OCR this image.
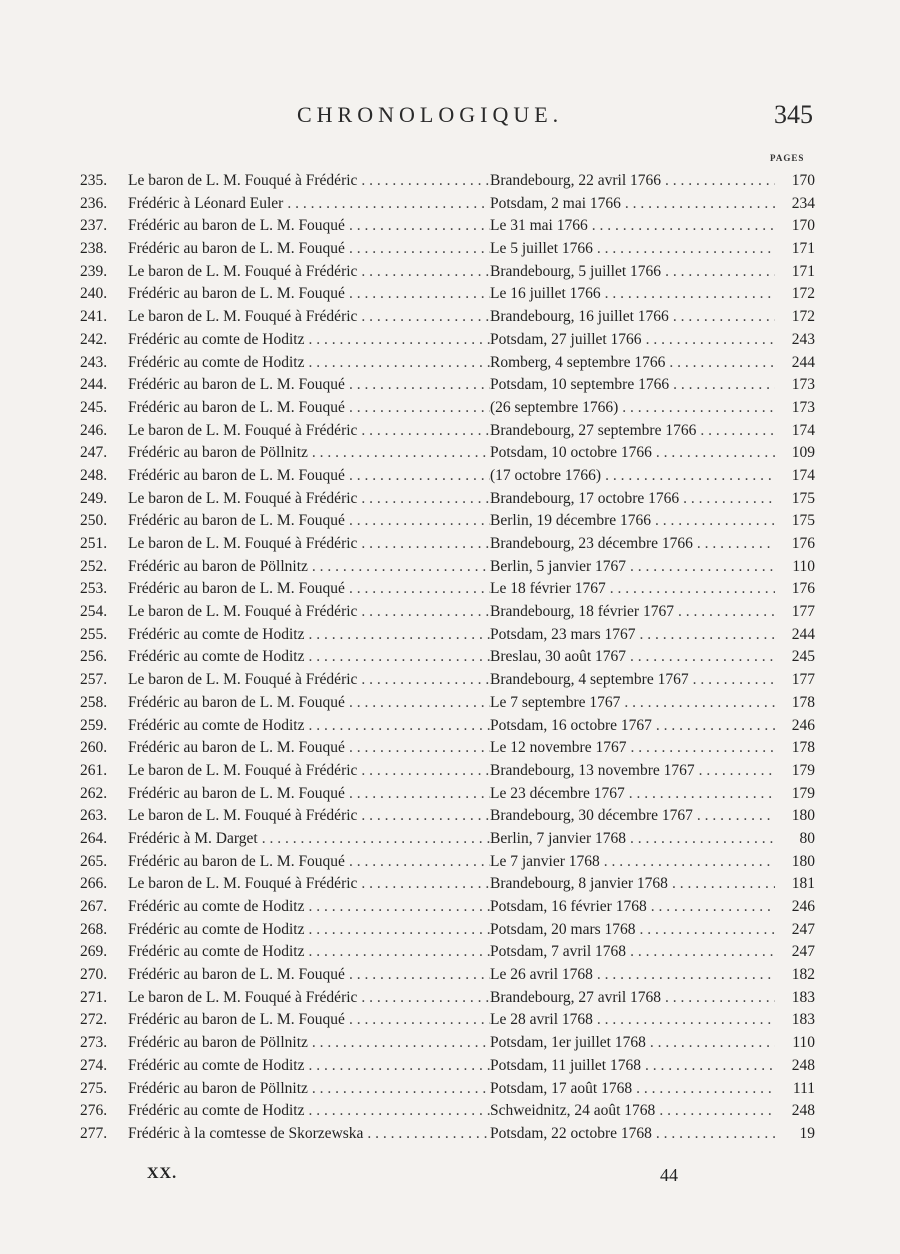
CHRONOLOGIQUE.	345
PAGES
235.	Le baron de L. M. Fouqué à Frédéric . . .	Brandebourg, 22 avril 1766 . . .	170
236.	Frédéric à Léonard Euler . . .	Potsdam, 2 mai 1766 . . .	234
237.	Frédéric au baron de L. M. Fouqué . . .	Le 31 mai 1766 . . .	170
238.	Frédéric au baron de L. M. Fouqué . . .	Le 5 juillet 1766 . . .	171
239.	Le baron de L. M. Fouqué à Frédéric . . .	Brandebourg, 5 juillet 1766 . . .	171
240.	Frédéric au baron de L. M. Fouqué . . .	Le 16 juillet 1766 . . .	172
241.	Le baron de L. M. Fouqué à Frédéric . . .	Brandebourg, 16 juillet 1766 . . .	172
242.	Frédéric au comte de Hoditz . . .	Potsdam, 27 juillet 1766 . . .	243
243.	Frédéric au comte de Hoditz . . .	Romberg, 4 septembre 1766 . . .	244
244.	Frédéric au baron de L. M. Fouqué . . .	Potsdam, 10 septembre 1766 . . .	173
245.	Frédéric au baron de L. M. Fouqué . . .	(26 septembre 1766) . . .	173
246.	Le baron de L. M. Fouqué à Frédéric . . .	Brandebourg, 27 septembre 1766 . . .	174
247.	Frédéric au baron de Pöllnitz . . .	Potsdam, 10 octobre 1766 . . .	109
248.	Frédéric au baron de L. M. Fouqué . . .	(17 octobre 1766) . . .	174
249.	Le baron de L. M. Fouqué à Frédéric . . .	Brandebourg, 17 octobre 1766 . . .	175
250.	Frédéric au baron de L. M. Fouqué . . .	Berlin, 19 décembre 1766 . . .	175
251.	Le baron de L. M. Fouqué à Frédéric . . .	Brandebourg, 23 décembre 1766 . . .	176
252.	Frédéric au baron de Pöllnitz . . .	Berlin, 5 janvier 1767 . . .	110
253.	Frédéric au baron de L. M. Fouqué . . .	Le 18 février 1767 . . .	176
254.	Le baron de L. M. Fouqué à Frédéric . . .	Brandebourg, 18 février 1767 . . .	177
255.	Frédéric au comte de Hoditz . . .	Potsdam, 23 mars 1767 . . .	244
256.	Frédéric au comte de Hoditz . . .	Breslau, 30 août 1767 . . .	245
257.	Le baron de L. M. Fouqué à Frédéric . . .	Brandebourg, 4 septembre 1767 . . .	177
258.	Frédéric au baron de L. M. Fouqué . . .	Le 7 septembre 1767 . . .	178
259.	Frédéric au comte de Hoditz . . .	Potsdam, 16 octobre 1767 . . .	246
260.	Frédéric au baron de L. M. Fouqué . . .	Le 12 novembre 1767 . . .	178
261.	Le baron de L. M. Fouqué à Frédéric . . .	Brandebourg, 13 novembre 1767 . . .	179
262.	Frédéric au baron de L. M. Fouqué . . .	Le 23 décembre 1767 . . .	179
263.	Le baron de L. M. Fouqué à Frédéric . . .	Brandebourg, 30 décembre 1767 . . .	180
264.	Frédéric à M. Darget . . .	Berlin, 7 janvier 1768 . . .	80
265.	Frédéric au baron de L. M. Fouqué . . .	Le 7 janvier 1768 . . .	180
266.	Le baron de L. M. Fouqué à Frédéric . . .	Brandebourg, 8 janvier 1768 . . .	181
267.	Frédéric au comte de Hoditz . . .	Potsdam, 16 février 1768 . . .	246
268.	Frédéric au comte de Hoditz . . .	Potsdam, 20 mars 1768 . . .	247
269.	Frédéric au comte de Hoditz . . .	Potsdam, 7 avril 1768 . . .	247
270.	Frédéric au baron de L. M. Fouqué . . .	Le 26 avril 1768 . . .	182
271.	Le baron de L. M. Fouqué à Frédéric . . .	Brandebourg, 27 avril 1768 . . .	183
272.	Frédéric au baron de L. M. Fouqué . . .	Le 28 avril 1768 . . .	183
273.	Frédéric au baron de Pöllnitz . . .	Potsdam, 1er juillet 1768 . . .	110
274.	Frédéric au comte de Hoditz . . .	Potsdam, 11 juillet 1768 . . .	248
275.	Frédéric au baron de Pöllnitz . . .	Potsdam, 17 août 1768 . . .	111
276.	Frédéric au comte de Hoditz . . .	Schweidnitz, 24 août 1768 . . .	248
277.	Frédéric à la comtesse de Skorzewska . . .	Potsdam, 22 octobre 1768 . . .	19
XX.	44
